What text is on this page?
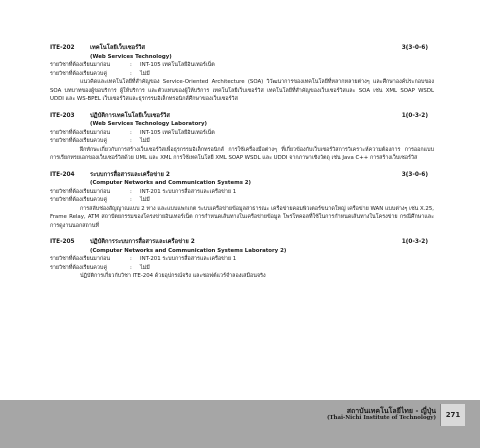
ITE-202	เทคโนโลยีเว็บเซอร์วิส	3(3-0-6)
(Web Services Technology)
รายวิชาที่ต้องเรียนมาก่อน	:	INT-105 เทคโนโลยีอินเทอร์เน็ต
รายวิชาที่ต้องเรียนควบคู่	:	ไม่มี
แนวคิดและเทคโนโลยีที่สำคัญของ Service-Oriented Architecture (SOA) วิวัฒนาการของเทคโนโลยีที่หลากหลายต่างๆ และศึกษาองค์ประกอบของ SOA บทบาทของผู้ขอบริการ ผู้ให้บริการ และตัวแทนของผู้ให้บริการ เทคโนโลยีเว็บเซอร์วิส เทคโนโลยีที่สำคัญของเว็บเซอร์วิสและ SOA เช่น XML SOAP WSDL UDDI และ WS-BPEL เว็บเซอร์วิสและธุรกรรมอิเล็กทรอนิกส์ศึกษาของเว็บเซอร์วิส
ITE-203	ปฏิบัติการเทคโนโลยีเว็บเซอร์วิส	1(0-3-2)
(Web Services Technology Laboratory)
รายวิชาที่ต้องเรียนมาก่อน	:	INT-105 เทคโนโลยีอินเทอร์เน็ต
รายวิชาที่ต้องเรียนควบคู่	:	ไม่มี
ฝึกทักษะเกี่ยวกับการสร้างเว็บเซอร์วิสเพื่อธุรกรรมอิเล็กทรอนิกส์ การใช้เครื่องมือต่างๆ ที่เกี่ยวข้องกับเว็บเซอร์วิสการวิเคราะห์ความต้องการ การออกแบบการเรียกทรยเอกของเว็บเซอร์วิสด้วย UML และ XML การใช้เทคโนโลยี XML SOAP WSDL และ UDDI จากภาษาเชิงวัตถุ เช่น Java C++ การสร้างเว็บเซอร์วิส
ITE-204	ระบบการสื่อสารและเครือข่าย 2	3(3-0-6)
(Computer Networks and Communication Systems 2)
รายวิชาที่ต้องเรียนมาก่อน	:	INT-201 ระบบการสื่อสารและเครือข่าย 1
รายวิชาที่ต้องเรียนควบคู่	:	ไม่มี
การสลับช่องสัญญาณแบบ 2 ทาง และแบบแพกเกต ระบบเครือข่ายข้อมูลสาธารณะ เครือข่ายคอมพิวเตอร์ขนาดใหญ่ เครือข่าย WAN แบบต่างๆ เช่น X.25, Frame Relay, ATM สถาปัตยกรรมของโครงข่ายอินเทอร์เน็ต การกำหนดเส้นทางในเครือข่ายข้อมูล โพรโทคอลที่ใช้ในการกำหนดเส้นทางในโครงข่าย กรณีศึกษาและการดูงานนอกสถานที่
ITE-205	ปฏิบัติการระบบการสื่อสารและเครือข่าย 2	1(0-3-2)
(Computer Networks and Communication Systems Laboratory 2)
รายวิชาที่ต้องเรียนมาก่อน	:	INT-201 ระบบการสื่อสารและเครือข่าย 1
รายวิชาที่ต้องเรียนควบคู่	:	ไม่มี
ปฏิบัติการเกี่ยวกับวิชา ITE-204 ด้วยอุปกรณ์จริง และซอฟต์แวร์จำลองเสมือนจริง
สถาบันเทคโนโลยีไทย - ญี่ปุ่น
(Thai-Nichi Institute of Technology)	271
